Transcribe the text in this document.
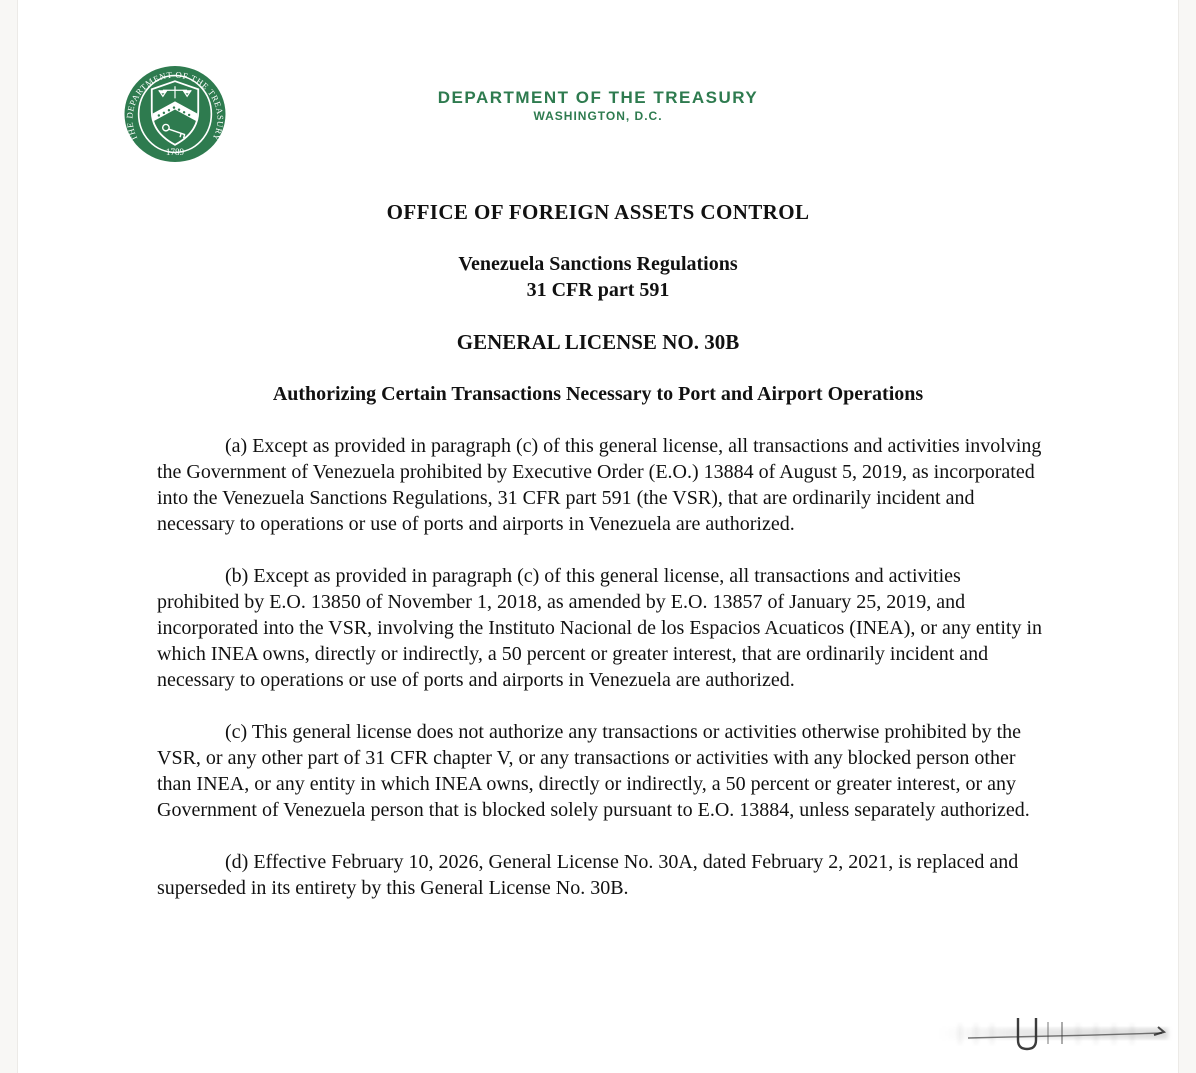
THE DEPARTMENT OF THE TREASURY
1789
DEPARTMENT OF THE TREASURY
WASHINGTON, D.C.
OFFICE OF FOREIGN ASSETS CONTROL
Venezuela Sanctions Regulations
31 CFR part 591
GENERAL LICENSE NO. 30B
Authorizing Certain Transactions Necessary to Port and Airport Operations

(a) Except as provided in paragraph (c) of this general license, all transactions and activities involving the Government of Venezuela prohibited by Executive Order (E.O.) 13884 of August 5, 2019, as incorporated into the Venezuela Sanctions Regulations, 31 CFR part 591 (the VSR), that are ordinarily incident and necessary to operations or use of ports and airports in Venezuela are authorized.

(b) Except as provided in paragraph (c) of this general license, all transactions and activities prohibited by E.O. 13850 of November 1, 2018, as amended by E.O. 13857 of January 25, 2019, and incorporated into the VSR, involving the Instituto Nacional de los Espacios Acuaticos (INEA), or any entity in which INEA owns, directly or indirectly, a 50 percent or greater interest, that are ordinarily incident and necessary to operations or use of ports and airports in Venezuela are authorized.

(c) This general license does not authorize any transactions or activities otherwise prohibited by the VSR, or any other part of 31 CFR chapter V, or any transactions or activities with any blocked person other than INEA, or any entity in which INEA owns, directly or indirectly, a 50 percent or greater interest, or any Government of Venezuela person that is blocked solely pursuant to E.O. 13884, unless separately authorized.

(d) Effective February 10, 2026, General License No. 30A, dated February 2, 2021, is replaced and superseded in its entirety by this General License No. 30B.
